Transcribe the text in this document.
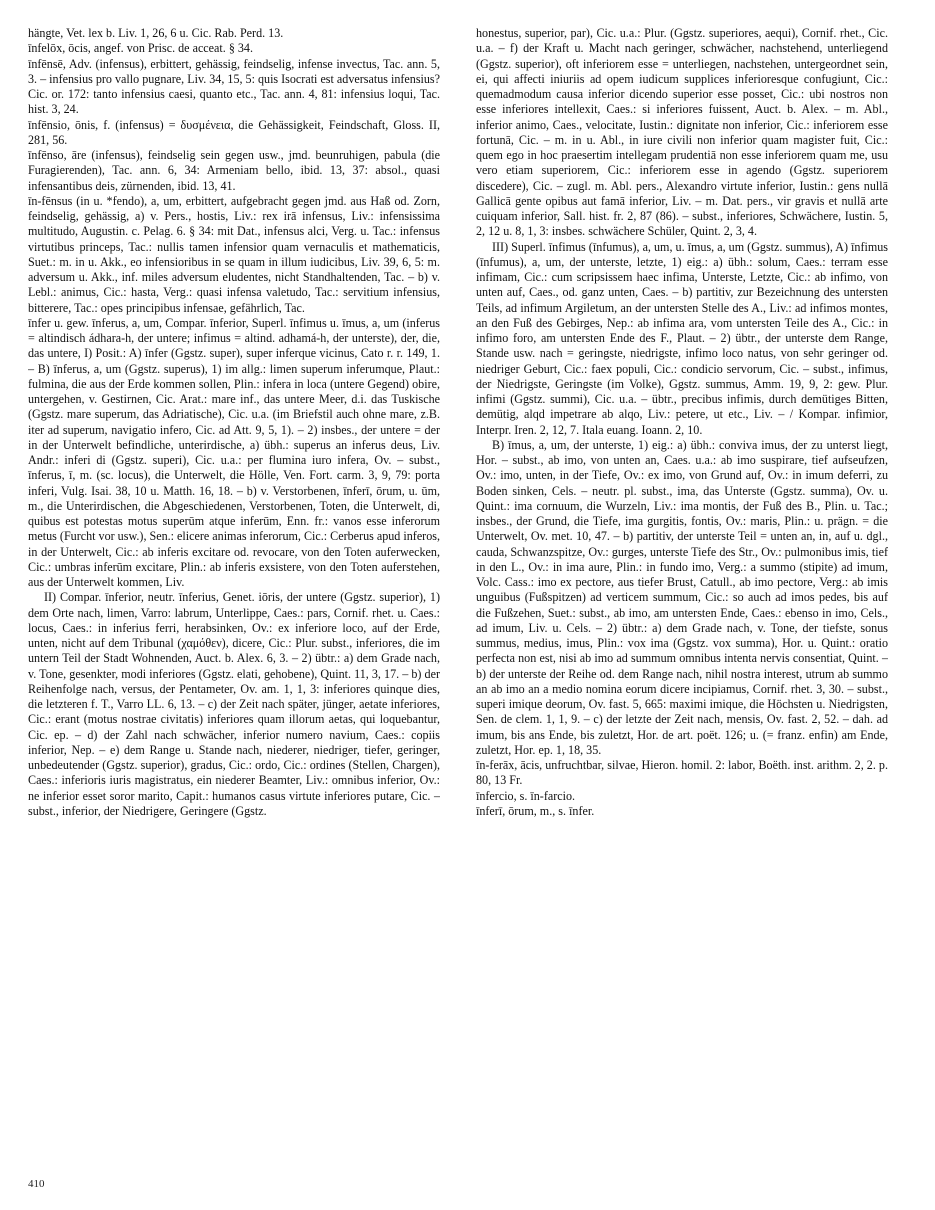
hängte, Vet. lex b. Liv. 1, 26, 6 u. Cic. Rab. Perd. 13.

īnfelōx, ōcis, angef. von Prisc. de acceat. § 34.

īnfēnsē, Adv. (infensus), erbittert, gehässig, feindselig, infense invectus, Tac. ann. 5, 3. – infensius pro vallo pugnare, Liv. 34, 15, 5: quis Isocrati est adversatus infensius? Cic. or. 172: tanto infensius caesi, quanto etc., Tac. ann. 4, 81: infensius loqui, Tac. hist. 3, 24.

īnfēnsio, ōnis, f. (infensus) = δυσμένεια, die Gehässigkeit, Feindschaft, Gloss. II, 281, 56.

īnfēnso, āre (infensus), feindselig sein gegen usw., jmd. beunruhigen, pabula (die Furagierenden), Tac. ann. 6, 34: Armeniam bello, ibid. 13, 37: absol., quasi infensantibus deis, zürnenden, ibid. 13, 41.

īn-fēnsus (in u. *fendo), a, um, erbittert, aufgebracht gegen jmd. aus Haß od. Zorn, feindselig, gehässig, a) v. Pers., hostis, Liv.: rex irā infensus, Liv.: infensissima multitudo, Augustin. c. Pelag. 6. § 34: mit Dat., infensus alci, Verg. u. Tac.: infensus virtutibus princeps, Tac.: nullis tamen infensior quam vernaculis et mathematicis, Suet.: m. in u. Akk., eo infensioribus in se quam in illum iudicibus, Liv. 39, 6, 5: m. adversum u. Akk., inf. miles adversum eludentes, nicht Standhaltenden, Tac. – b) v. Lebl.: animus, Cic.: hasta, Verg.: quasi infensa valetudo, Tac.: servitium infensius, bitterere, Tac.: opes principibus infensae, gefährlich, Tac.

īnfer u. gew. īnferus, a, um, Compar. īnferior, Superl. īnfimus u. īmus, a, um (inferus = altindisch ádhara-h, der untere; infimus = altind. adhamá-h, der unterste), der, die, das untere, I) Posit.: A) īnfer (Ggstz. super), super inferque vicinus, Cato r. r. 149, 1. – B) īnferus, a, um (Ggstz. superus), 1) im allg.: limen superum inferumque, Plaut.: fulmina, die aus der Erde kommen sollen, Plin.: infera in loca (untere Gegend) obire, untergehen, v. Gestirnen, Cic. Arat.: mare inf., das untere Meer, d.i. das Tuskische (Ggstz. mare superum, das Adriatische), Cic. u.a. (im Briefstil auch ohne mare, z.B. iter ad superum, navigatio infero, Cic. ad Att. 9, 5, 1). – 2) insbes., der untere = der in der Unterwelt befindliche, unterirdische, a) übh.: superus an inferus deus, Liv. Andr.: inferi di (Ggstz. superi), Cic. u.a.: per flumina iuro infera, Ov. – subst., īnferus, ī, m. (sc. locus), die Unterwelt, die Hölle, Ven. Fort. carm. 3, 9, 79: porta inferi, Vulg. Isai. 38, 10 u. Matth. 16, 18. – b) v. Verstorbenen, īnferī, ōrum, u. ūm, m., die Unterirdischen, die Abgeschiedenen, Verstorbenen, Toten, die Unterwelt, di, quibus est potestas motus superūm atque inferūm, Enn. fr.: vanos esse inferorum metus (Furcht vor usw.), Sen.: elicere animas inferorum, Cic.: Cerberus apud inferos, in der Unterwelt, Cic.: ab inferis excitare od. revocare, von den Toten auferwecken, Cic.: umbras inferūm excitare, Plin.: ab inferis exsistere, von den Toten auferstehen, aus der Unterwelt kommen, Liv.

II) Compar. īnferior, neutr. īnferius, Genet. iōris, der untere (Ggstz. superior), 1) dem Orte nach, limen, Varro: labrum, Unterlippe, Caes.: pars, Cornif. rhet. u. Caes.: locus, Caes.: in inferius ferri, herabsinken, Ov.: ex inferiore loco, auf der Erde, unten, nicht auf dem Tribunal (χαμόθεν), dicere, Cic.: Plur. subst., inferiores, die im untern Teil der Stadt Wohnenden, Auct. b. Alex. 6, 3. – 2) übtr.: a) dem Grade nach, v. Tone, gesenkter, modi inferiores (Ggstz. elati, gehobene), Quint. 11, 3, 17. – b) der Reihenfolge nach, versus, der Pentameter, Ov. am. 1, 1, 3: inferiores quinque dies, die letzteren f. T., Varro LL. 6, 13. – c) der Zeit nach später, jünger, aetate inferiores, Cic.: erant (motus nostrae civitatis) inferiores quam illorum aetas, qui loquebantur, Cic. ep. – d) der Zahl nach schwächer, inferior numero navium, Caes.: copiis inferior, Nep. – e) dem Range u. Stande nach, niederer, niedriger, tiefer, geringer, unbedeutender (Ggstz. superior), gradus, Cic.: ordo, Cic.: ordines (Stellen, Chargen), Caes.: inferioris iuris magistratus, ein niederer Beamter, Liv.: omnibus inferior, Ov.: ne inferior esset soror marito, Capit.: humanos casus virtute inferiores putare, Cic. – subst., inferior, der Niedrigere, Geringere (Ggstz.

honestus, superior, par), Cic. u.a.: Plur. (Ggstz. superiores, aequi), Cornif. rhet., Cic. u.a. – f) der Kraft u. Macht nach geringer, schwächer, nachstehend, unterliegend (Ggstz. superior), oft inferiorem esse = unterliegen, nachstehen, untergeordnet sein, ei, qui affecti iniuriis ad opem iudicum supplices inferioresque confugiunt, Cic.: quemadmodum causa inferior dicendo superior esse posset, Cic.: ubi nostros non esse inferiores intellexit, Caes.: si inferiores fuissent, Auct. b. Alex. – m. Abl., inferior animo, Caes., velocitate, Iustin.: dignitate non inferior, Cic.: inferiorem esse fortunā, Cic. – m. in u. Abl., in iure civili non inferior quam magister fuit, Cic.: quem ego in hoc praesertim intellegam prudentiā non esse inferiorem quam me, usu vero etiam superiorem, Cic.: inferiorem esse in agendo (Ggstz. superiorem discedere), Cic. – zugl. m. Abl. pers., Alexandro virtute inferior, Iustin.: gens nullā Gallicā gente opibus aut famā inferior, Liv. – m. Dat. pers., vir gravis et nullā arte cuiquam inferior, Sall. hist. fr. 2, 87 (86). – subst., inferiores, Schwächere, Iustin. 5, 2, 12 u. 8, 1, 3: insbes. schwächere Schüler, Quint. 2, 3, 4.

III) Superl. īnfimus (īnfumus), a, um, u. īmus, a, um (Ggstz. summus), A) īnfimus (īnfumus), a, um, der unterste, letzte, 1) eig.: a) übh.: solum, Caes.: terram esse infimam, Cic.: cum scripsissem haec infima, Unterste, Letzte, Cic.: ab infimo, von unten auf, Caes., od. ganz unten, Caes. – b) partitiv, zur Bezeichnung des untersten Teils, ad infimum Argiletum, an der untersten Stelle des A., Liv.: ad infimos montes, an den Fuß des Gebirges, Nep.: ab infima ara, vom untersten Teile des A., Cic.: in infimo foro, am untersten Ende des F., Plaut. – 2) übtr., der unterste dem Range, Stande usw. nach = geringste, niedrigste, infimo loco natus, von sehr geringer od. niedriger Geburt, Cic.: faex populi, Cic.: condicio servorum, Cic. – subst., infimus, der Niedrigste, Geringste (im Volke), Ggstz. summus, Amm. 19, 9, 2: gew. Plur. infimi (Ggstz. summi), Cic. u.a. – übtr., precibus infimis, durch demütiges Bitten, demütig, alqd impetrare ab alqo, Liv.: petere, ut etc., Liv. – / Kompar. infimior, Interpr. Iren. 2, 12, 7. Itala euang. Ioann. 2, 10.

B) īmus, a, um, der unterste, 1) eig.: a) übh.: conviva imus, der zu unterst liegt, Hor. – subst., ab imo, von unten an, Caes. u.a.: ab imo suspirare, tief aufseufzen, Ov.: imo, unten, in der Tiefe, Ov.: ex imo, von Grund auf, Ov.: in imum deferri, zu Boden sinken, Cels. – neutr. pl. subst., ima, das Unterste (Ggstz. summa), Ov. u. Quint.: ima cornuum, die Wurzeln, Liv.: ima montis, der Fuß des B., Plin. u. Tac.; insbes., der Grund, die Tiefe, ima gurgitis, fontis, Ov.: maris, Plin.: u. prägn. = die Unterwelt, Ov. met. 10, 47. – b) partitiv, der unterste Teil = unten an, in, auf u. dgl., cauda, Schwanzspitze, Ov.: gurges, unterste Tiefe des Str., Ov.: pulmonibus imis, tief in den L., Ov.: in ima aure, Plin.: in fundo imo, Verg.: a summo (stipite) ad imum, Volc. Cass.: imo ex pectore, aus tiefer Brust, Catull., ab imo pectore, Verg.: ab imis unguibus (Fußspitzen) ad verticem summum, Cic.: so auch ad imos pedes, bis auf die Fußzehen, Suet.: subst., ab imo, am untersten Ende, Caes.: ebenso in imo, Cels., ad imum, Liv. u. Cels. – 2) übtr.: a) dem Grade nach, v. Tone, der tiefste, sonus summus, medius, imus, Plin.: vox ima (Ggstz. vox summa), Hor. u. Quint.: oratio perfecta non est, nisi ab imo ad summum omnibus intenta nervis consentiat, Quint. – b) der unterste der Reihe od. dem Range nach, nihil nostra interest, utrum ab summo an ab imo an a medio nomina eorum dicere incipiamus, Cornif. rhet. 3, 30. – subst., superi imique deorum, Ov. fast. 5, 665: maximi imique, die Höchsten u. Niedrigsten, Sen. de clem. 1, 1, 9. – c) der letzte der Zeit nach, mensis, Ov. fast. 2, 52. – dah. ad imum, bis ans Ende, bis zuletzt, Hor. de art. poët. 126; u. (= franz. enfin) am Ende, zuletzt, Hor. ep. 1, 18, 35.

īn-ferāx, ācis, unfruchtbar, silvae, Hieron. homil. 2: labor, Boëth. inst. arithm. 2, 2. p. 80, 13 Fr.

īnfercio, s. īn-farcio.

īnferī, ōrum, m., s. īnfer.

410
